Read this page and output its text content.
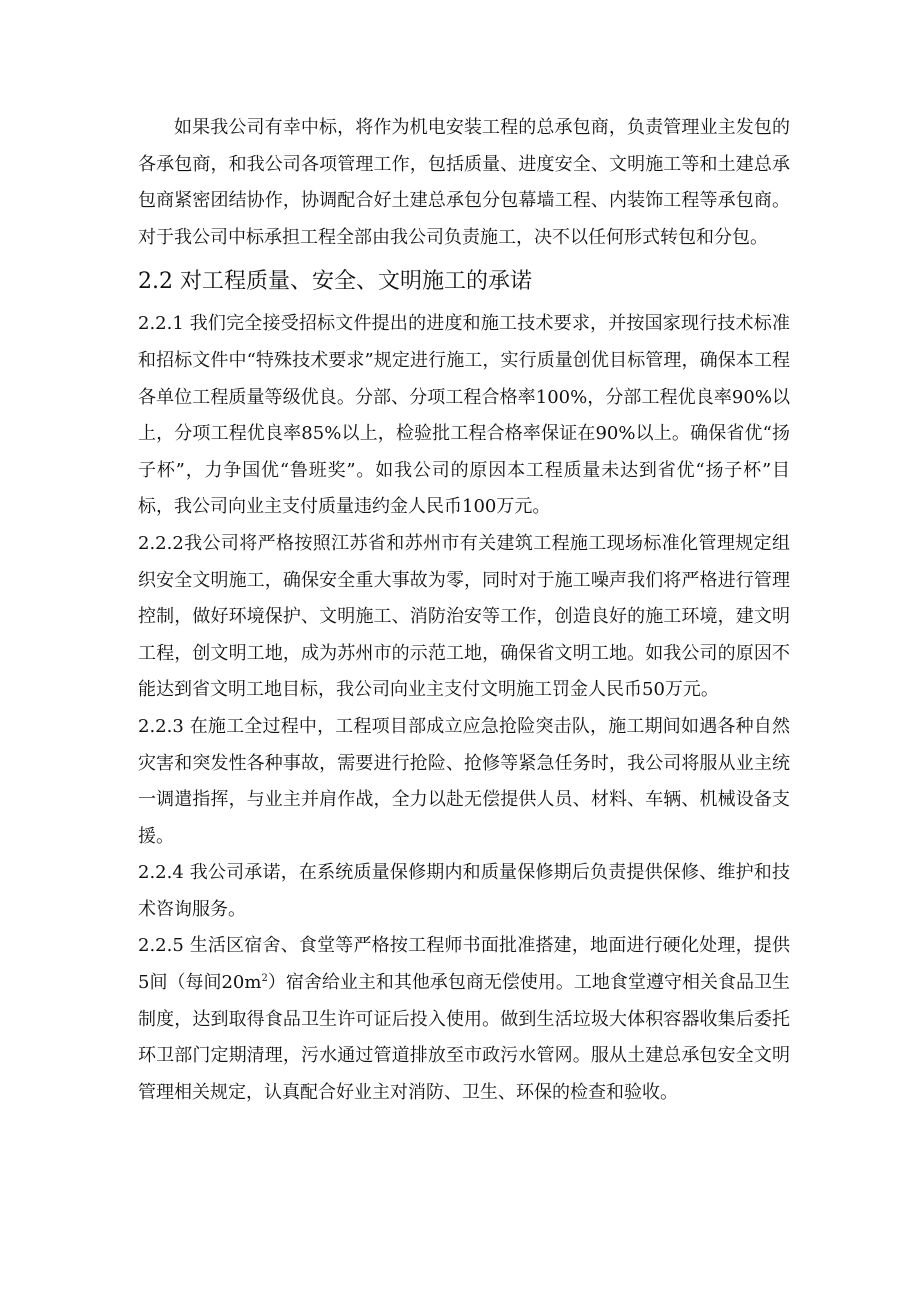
如果我公司有幸中标，将作为机电安装工程的总承包商，负责管理业主发包的各承包商，和我公司各项管理工作，包括质量、进度安全、文明施工等和土建总承包商紧密团结协作，协调配合好土建总承包分包幕墙工程、内装饰工程等承包商。对于我公司中标承担工程全部由我公司负责施工，决不以任何形式转包和分包。

2.2 对工程质量、安全、文明施工的承诺

2.2.1 我们完全接受招标文件提出的进度和施工技术要求，并按国家现行技术标准和招标文件中“特殊技术要求”规定进行施工，实行质量创优目标管理，确保本工程各单位工程质量等级优良。分部、分项工程合格率100%，分部工程优良率90%以上，分项工程优良率85%以上，检验批工程合格率保证在90%以上。确保省优“扬子杯”，力争国优“鲁班奖”。如我公司的原因本工程质量未达到省优“扬子杯”目标，我公司向业主支付质量违约金人民币100万元。

2.2.2我公司将严格按照江苏省和苏州市有关建筑工程施工现场标准化管理规定组织安全文明施工，确保安全重大事故为零，同时对于施工噪声我们将严格进行管理控制，做好环境保护、文明施工、消防治安等工作，创造良好的施工环境，建文明工程，创文明工地，成为苏州市的示范工地，确保省文明工地。如我公司的原因不能达到省文明工地目标，我公司向业主支付文明施工罚金人民币50万元。

2.2.3 在施工全过程中，工程项目部成立应急抢险突击队，施工期间如遇各种自然灾害和突发性各种事故，需要进行抢险、抢修等紧急任务时，我公司将服从业主统一调遣指挥，与业主并肩作战，全力以赴无偿提供人员、材料、车辆、机械设备支援。

2.2.4 我公司承诺，在系统质量保修期内和质量保修期后负责提供保修、维护和技术咨询服务。

2.2.5 生活区宿舍、食堂等严格按工程师书面批准搭建，地面进行硬化处理，提供5间（每间$20m^2$）宿舍给业主和其他承包商无偿使用。工地食堂遵守相关食品卫生制度，达到取得食品卫生许可证后投入使用。做到生活垃圾大体积容器收集后委托环卫部门定期清理，污水通过管道排放至市政污水管网。服从土建总承包安全文明管理相关规定，认真配合好业主对消防、卫生、环保的检查和验收。
